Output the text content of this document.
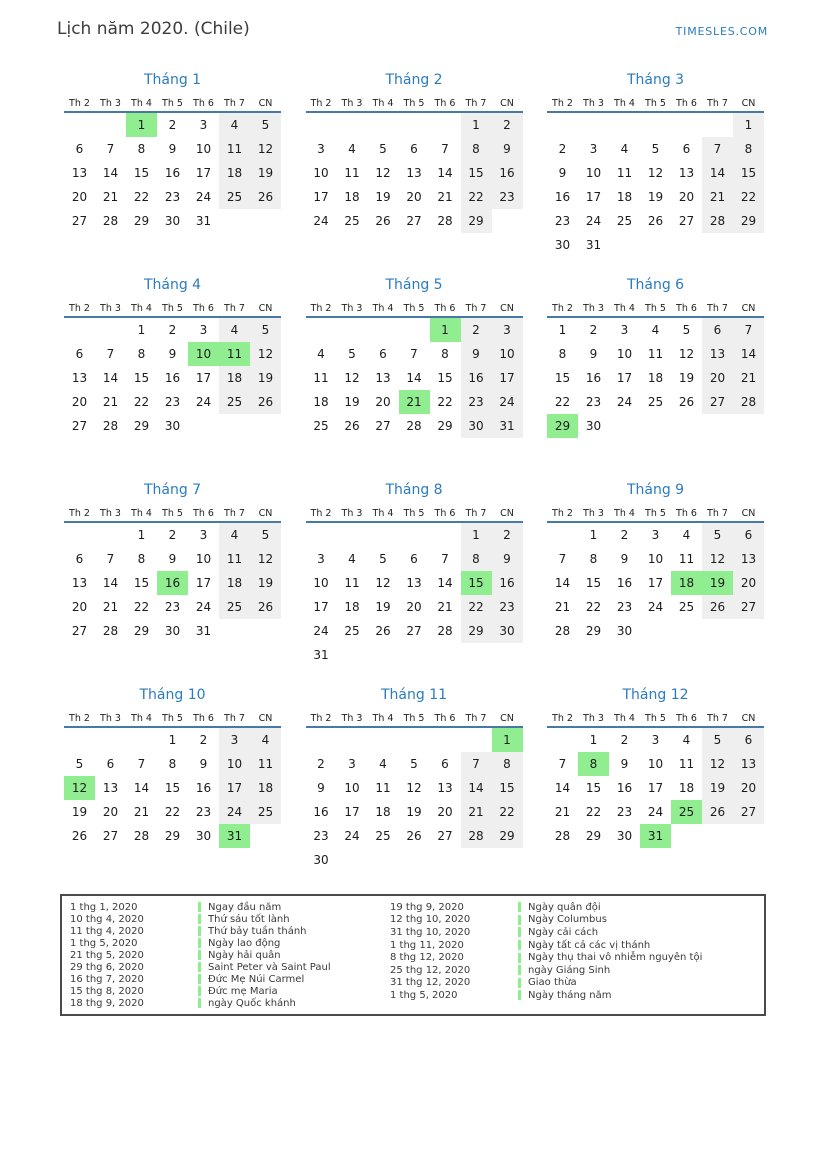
Lịch năm 2020. (Chile)	TIMESLES.COM
Tháng 1
Th 2	Th 3	Th 4	Th 5	Th 6	Th 7	CN
		1	2	3	4	5
6	7	8	9	10	11	12
13	14	15	16	17	18	19
20	21	22	23	24	25	26
27	28	29	30	31		
Tháng 2
Th 2	Th 3	Th 4	Th 5	Th 6	Th 7	CN
					1	2
3	4	5	6	7	8	9
10	11	12	13	14	15	16
17	18	19	20	21	22	23
24	25	26	27	28	29	
Tháng 3
Th 2	Th 3	Th 4	Th 5	Th 6	Th 7	CN
						1
2	3	4	5	6	7	8
9	10	11	12	13	14	15
16	17	18	19	20	21	22
23	24	25	26	27	28	29
30	31					
Tháng 4
Th 2	Th 3	Th 4	Th 5	Th 6	Th 7	CN
		1	2	3	4	5
6	7	8	9	10	11	12
13	14	15	16	17	18	19
20	21	22	23	24	25	26
27	28	29	30			
Tháng 5
Th 2	Th 3	Th 4	Th 5	Th 6	Th 7	CN
				1	2	3
4	5	6	7	8	9	10
11	12	13	14	15	16	17
18	19	20	21	22	23	24
25	26	27	28	29	30	31
Tháng 6
Th 2	Th 3	Th 4	Th 5	Th 6	Th 7	CN
1	2	3	4	5	6	7
8	9	10	11	12	13	14
15	16	17	18	19	20	21
22	23	24	25	26	27	28
29	30					
Tháng 7
Th 2	Th 3	Th 4	Th 5	Th 6	Th 7	CN
		1	2	3	4	5
6	7	8	9	10	11	12
13	14	15	16	17	18	19
20	21	22	23	24	25	26
27	28	29	30	31		
Tháng 8
Th 2	Th 3	Th 4	Th 5	Th 6	Th 7	CN
					1	2
3	4	5	6	7	8	9
10	11	12	13	14	15	16
17	18	19	20	21	22	23
24	25	26	27	28	29	30
31						
Tháng 9
Th 2	Th 3	Th 4	Th 5	Th 6	Th 7	CN
	1	2	3	4	5	6
7	8	9	10	11	12	13
14	15	16	17	18	19	20
21	22	23	24	25	26	27
28	29	30				
Tháng 10
Th 2	Th 3	Th 4	Th 5	Th 6	Th 7	CN
			1	2	3	4
5	6	7	8	9	10	11
12	13	14	15	16	17	18
19	20	21	22	23	24	25
26	27	28	29	30	31	
Tháng 11
Th 2	Th 3	Th 4	Th 5	Th 6	Th 7	CN
						1
2	3	4	5	6	7	8
9	10	11	12	13	14	15
16	17	18	19	20	21	22
23	24	25	26	27	28	29
30						
Tháng 12
Th 2	Th 3	Th 4	Th 5	Th 6	Th 7	CN
	1	2	3	4	5	6
7	8	9	10	11	12	13
14	15	16	17	18	19	20
21	22	23	24	25	26	27
28	29	30	31			
1 thg 1, 2020	Ngay đầu năm
10 thg 4, 2020	Thứ sáu tốt lành
11 thg 4, 2020	Thứ bảy tuần thánh
1 thg 5, 2020	Ngày lao động
21 thg 5, 2020	Ngày hải quân
29 thg 6, 2020	Saint Peter và Saint Paul
16 thg 7, 2020	Đức Mẹ Núi Carmel
15 thg 8, 2020	Đức mẹ Maria
18 thg 9, 2020	ngày Quốc khánh
19 thg 9, 2020	Ngày quân đội
12 thg 10, 2020	Ngày Columbus
31 thg 10, 2020	Ngày cải cách
1 thg 11, 2020	Ngày tất cả các vị thánh
8 thg 12, 2020	Ngày thụ thai vô nhiễm nguyên tội
25 thg 12, 2020	ngày Giáng Sinh
31 thg 12, 2020	Giao thừa
1 thg 5, 2020	Ngày tháng năm
